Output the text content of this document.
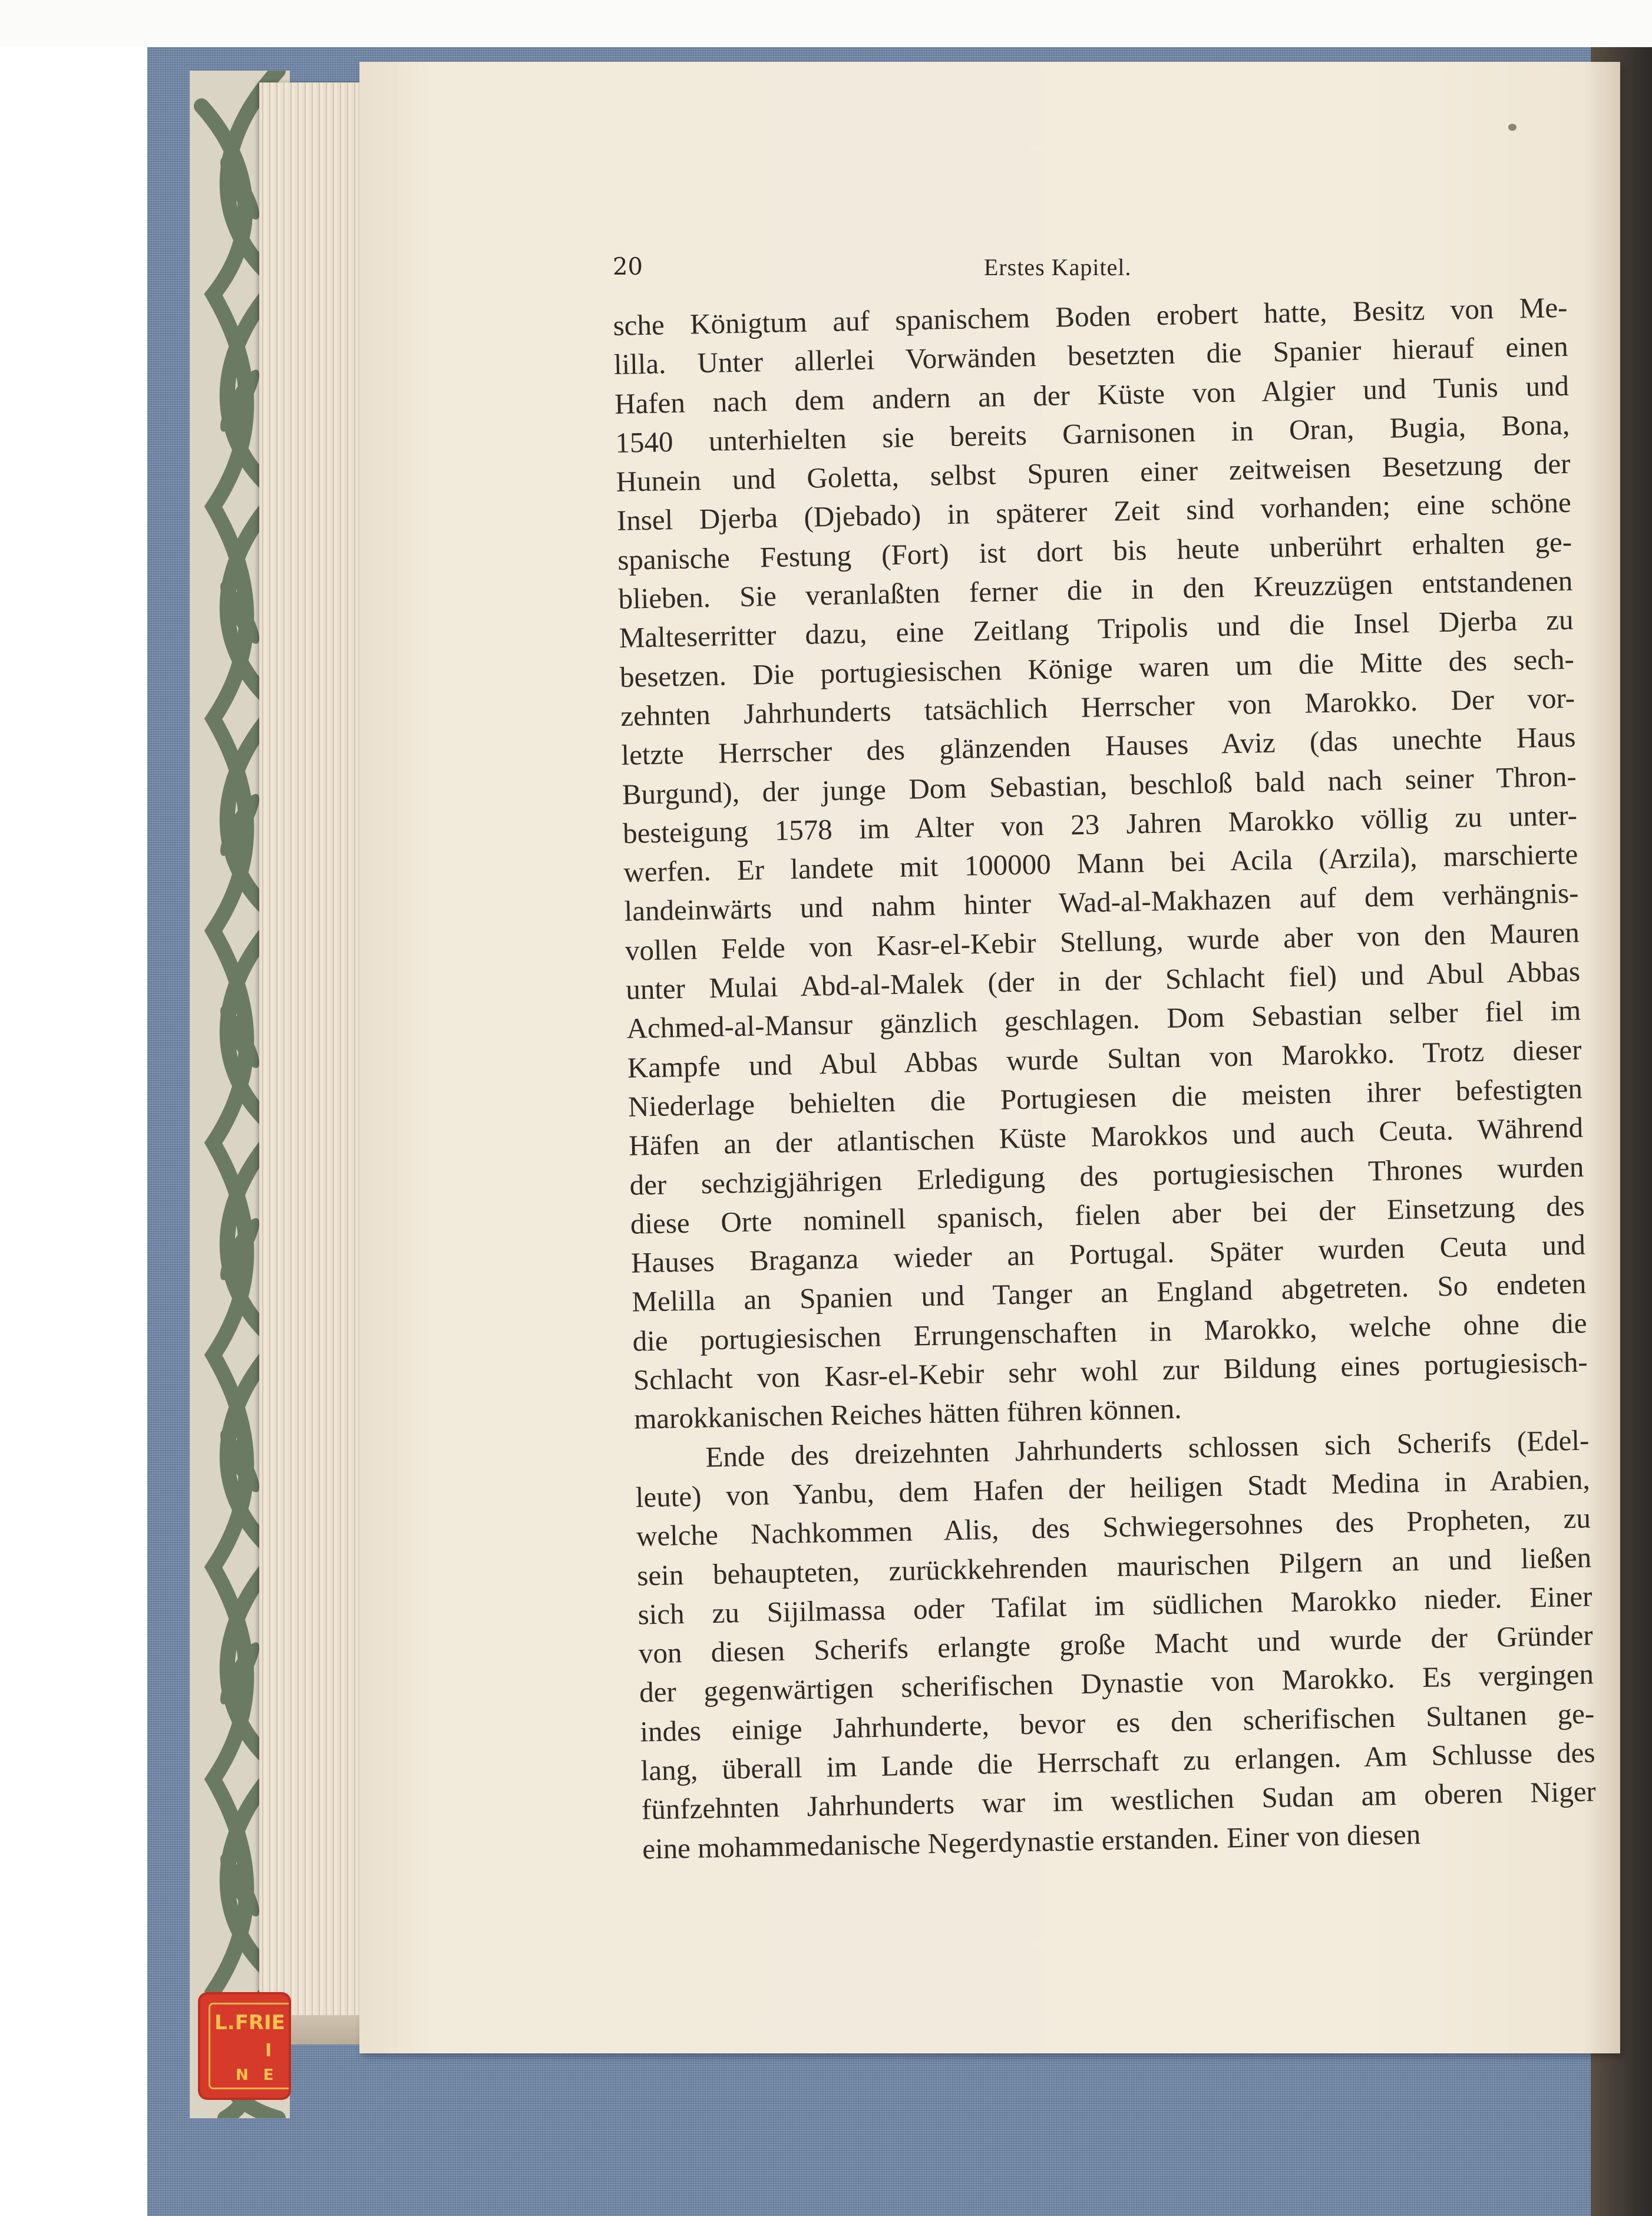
L.FRIE
I
N E
20	Erstes Kapitel.
sche Königtum auf spanischem Boden erobert hatte, Besitz von Me-
lilla. Unter allerlei Vorwänden besetzten die Spanier hierauf einen
Hafen nach dem andern an der Küste von Algier und Tunis und
1540 unterhielten sie bereits Garnisonen in Oran, Bugia, Bona,
Hunein und Goletta, selbst Spuren einer zeitweisen Besetzung der
Insel Djerba (Djebado) in späterer Zeit sind vorhanden; eine schöne
spanische Festung (Fort) ist dort bis heute unberührt erhalten ge-
blieben. Sie veranlaßten ferner die in den Kreuzzügen entstandenen
Malteserritter dazu, eine Zeitlang Tripolis und die Insel Djerba zu
besetzen. Die portugiesischen Könige waren um die Mitte des sech-
zehnten Jahrhunderts tatsächlich Herrscher von Marokko. Der vor-
letzte Herrscher des glänzenden Hauses Aviz (das unechte Haus
Burgund), der junge Dom Sebastian, beschloß bald nach seiner Thron-
besteigung 1578 im Alter von 23 Jahren Marokko völlig zu unter-
werfen. Er landete mit 100000 Mann bei Acila (Arzila), marschierte
landeinwärts und nahm hinter Wad-al-Makhazen auf dem verhängnis-
vollen Felde von Kasr-el-Kebir Stellung, wurde aber von den Mauren
unter Mulai Abd-al-Malek (der in der Schlacht fiel) und Abul Abbas
Achmed-al-Mansur gänzlich geschlagen. Dom Sebastian selber fiel im
Kampfe und Abul Abbas wurde Sultan von Marokko. Trotz dieser
Niederlage behielten die Portugiesen die meisten ihrer befestigten
Häfen an der atlantischen Küste Marokkos und auch Ceuta. Während
der sechzigjährigen Erledigung des portugiesischen Thrones wurden
diese Orte nominell spanisch, fielen aber bei der Einsetzung des
Hauses Braganza wieder an Portugal. Später wurden Ceuta und
Melilla an Spanien und Tanger an England abgetreten. So endeten
die portugiesischen Errungenschaften in Marokko, welche ohne die
Schlacht von Kasr-el-Kebir sehr wohl zur Bildung eines portugiesisch-
marokkanischen Reiches hätten führen können.
Ende des dreizehnten Jahrhunderts schlossen sich Scherifs (Edel-
leute) von Yanbu, dem Hafen der heiligen Stadt Medina in Arabien,
welche Nachkommen Alis, des Schwiegersohnes des Propheten, zu
sein behaupteten, zurückkehrenden maurischen Pilgern an und ließen
sich zu Sijilmassa oder Tafilat im südlichen Marokko nieder. Einer
von diesen Scherifs erlangte große Macht und wurde der Gründer
der gegenwärtigen scherifischen Dynastie von Marokko. Es vergingen
indes einige Jahrhunderte, bevor es den scherifischen Sultanen ge-
lang, überall im Lande die Herrschaft zu erlangen. Am Schlusse des
fünfzehnten Jahrhunderts war im westlichen Sudan am oberen Niger
eine mohammedanische Negerdynastie erstanden. Einer von diesen
